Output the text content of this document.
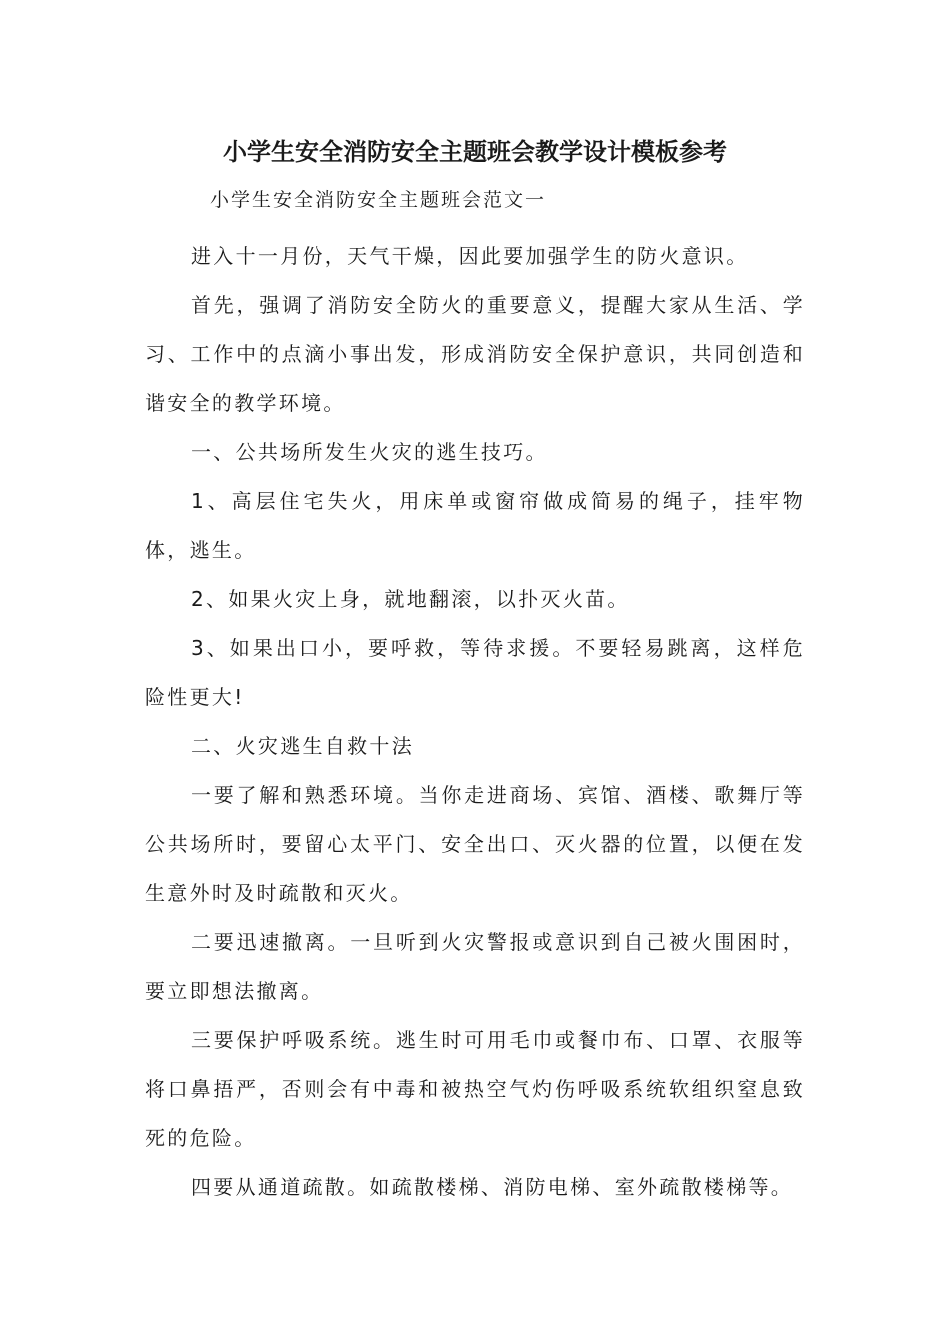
小学生安全消防安全主题班会教学设计模板参考
小学生安全消防安全主题班会范文一

进入十一月份，天气干燥，因此要加强学生的防火意识。

首先，强调了消防安全防火的重要意义，提醒大家从生活、学习、工作中的点滴小事出发，形成消防安全保护意识，共同创造和谐安全的教学环境。

一、公共场所发生火灾的逃生技巧。

1、高层住宅失火，用床单或窗帘做成简易的绳子，挂牢物体，逃生。

2、如果火灾上身，就地翻滚，以扑灭火苗。

3、如果出口小，要呼救，等待求援。不要轻易跳离，这样危险性更大!

二、火灾逃生自救十法

一要了解和熟悉环境。当你走进商场、宾馆、酒楼、歌舞厅等公共场所时，要留心太平门、安全出口、灭火器的位置，以便在发生意外时及时疏散和灭火。

二要迅速撤离。一旦听到火灾警报或意识到自己被火围困时，要立即想法撤离。

三要保护呼吸系统。逃生时可用毛巾或餐巾布、口罩、衣服等将口鼻捂严，否则会有中毒和被热空气灼伤呼吸系统软组织窒息致死的危险。

四要从通道疏散。如疏散楼梯、消防电梯、室外疏散楼梯等。
